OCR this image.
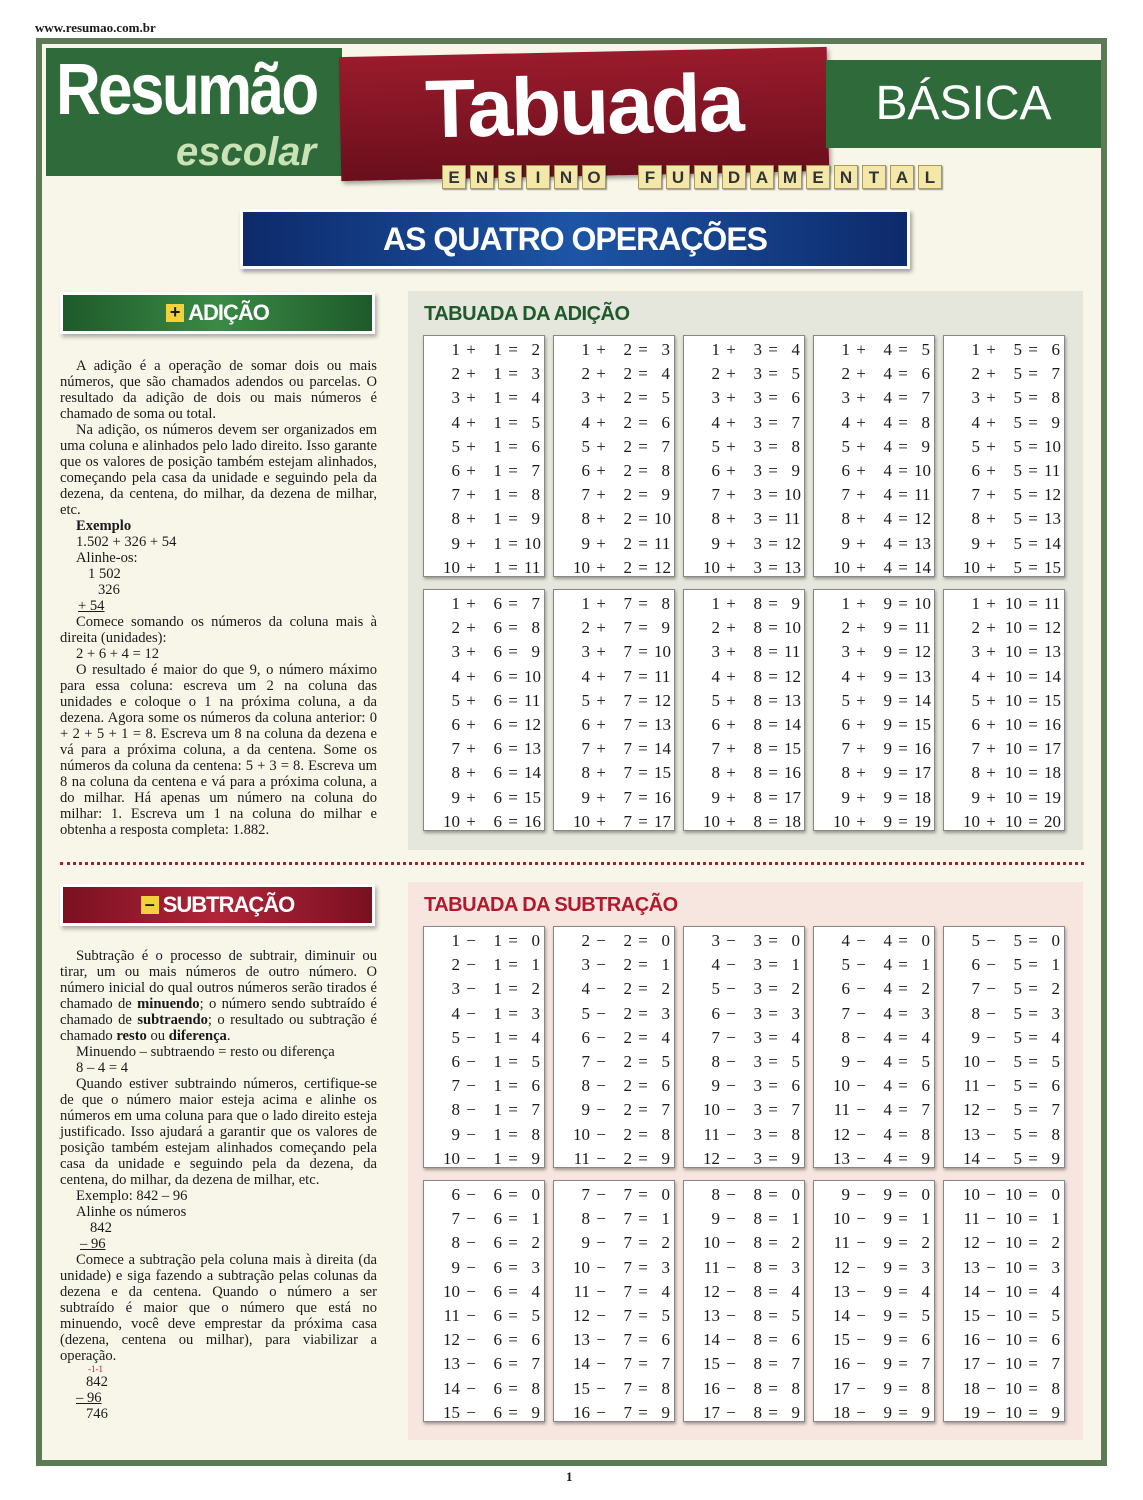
www.resumao.com.br
Resumão
escolar	Tabuada	BÁSICA
E N S	I	N O	F U N D A M E N T A L
AS QUATRO OPERAÇÕES
+ ADIÇÃO

A adição é a operação de somar dois ou mais números, que são chamados adendos ou parcelas. O resultado da adição de dois ou mais números é chamado de soma ou total.

Na adição, os números devem ser organizados em uma coluna e alinhados pelo lado direito. Isso garante que os valores de posição também estejam alinhados, começando pela casa da unidade e seguindo pela da dezena, da centena, do milhar, da dezena de milhar, etc.

Exemplo

1.502 + 326 + 54

Alinhe-os:

1 502

326

+ 54

Comece somando os números da coluna mais à direita (unidades):

2 + 6 + 4 = 12

O resultado é maior do que 9, o número máximo para essa coluna: escreva um 2 na coluna das unidades e coloque o 1 na próxima coluna, a da dezena. Agora some os números da coluna anterior: 0 + 2 + 5 + 1 = 8. Escreva um 8 na coluna da dezena e vá para a próxima coluna, a da centena. Some os números da coluna da centena: 5 + 3 = 8. Escreva um 8 na coluna da centena e vá para a próxima coluna, a do milhar. Há apenas um número na coluna do milhar: 1. Escreva um 1 na coluna do milhar e obtenha a resposta completa: 1.882.

TABUADA DA ADIÇÃO
1 +	1 = 2
2 +	1 = 3
3 +	1 = 4
4 +	1 = 5
5 +	1 = 6
6 +	1 = 7
7 +	1 = 8
8 +	1 = 9
9 +	1 = 10
10 +	1 = 11
1 +	2 = 3
2 +	2 = 4
3 +	2 = 5
4 +	2 = 6
5 +	2 = 7
6 +	2 = 8
7 +	2 = 9
8 +	2 = 10
9 +	2 = 11
10 +	2 = 12
1 +	3 = 4
2 +	3 = 5
3 +	3 = 6
4 +	3 = 7
5 +	3 = 8
6 +	3 = 9
7 +	3 = 10
8 +	3 = 11
9 +	3 = 12
10 +	3 = 13
1 +	4 = 5
2 +	4 = 6
3 +	4 = 7
4 +	4 = 8
5 +	4 = 9
6 +	4 = 10
7 +	4 = 11
8 +	4 = 12
9 +	4 = 13
10 +	4 = 14
1 +	5 = 6
2 +	5 = 7
3 +	5 = 8
4 +	5 = 9
5 +	5 = 10
6 +	5 = 11
7 +	5 = 12
8 +	5 = 13
9 +	5 = 14
10 +	5 = 15
1 +	6 = 7
2 +	6 = 8
3 +	6 = 9
4 +	6 = 10
5 +	6 = 11
6 +	6 = 12
7 +	6 = 13
8 +	6 = 14
9 +	6 = 15
10 +	6 = 16
1 +	7 = 8
2 +	7 = 9
3 +	7 = 10
4 +	7 = 11
5 +	7 = 12
6 +	7 = 13
7 +	7 = 14
8 +	7 = 15
9 +	7 = 16
10 +	7 = 17
1 +	8 = 9
2 +	8 = 10
3 +	8 = 11
4 +	8 = 12
5 +	8 = 13
6 +	8 = 14
7 +	8 = 15
8 +	8 = 16
9 +	8 = 17
10 +	8 = 18
1 +	9 = 10
2 +	9 = 11
3 +	9 = 12
4 +	9 = 13
5 +	9 = 14
6 +	9 = 15
7 +	9 = 16
8 +	9 = 17
9 +	9 = 18
10 +	9 = 19
1 + 10 = 11
2 + 10 = 12
3 + 10 = 13
4 + 10 = 14
5 + 10 = 15
6 + 10 = 16
7 + 10 = 17
8 + 10 = 18
9 + 10 = 19
10 + 10 = 20
– SUBTRAÇÃO

Subtração é o processo de subtrair, diminuir ou tirar, um ou mais números de outro número. O número inicial do qual outros números serão tirados é chamado de minuendo; o número sendo subtraído é chamado de subtraendo; o resultado ou subtração é chamado resto ou diferença.

Minuendo – subtraendo = resto ou diferença

8 – 4 = 4

Quando estiver subtraindo números, certifique-se de que o número maior esteja acima e alinhe os números em uma coluna para que o lado direito esteja justificado. Isso ajudará a garantir que os valores de posição também estejam alinhados começando pela casa da unidade e seguindo pela da dezena, da centena, do milhar, da dezena de milhar, etc.

Exemplo: 842 – 96

Alinhe os números

842

– 96

Comece a subtração pela coluna mais à direita (da unidade) e siga fazendo a subtração pelas colunas da dezena e da centena. Quando o número a ser subtraído é maior que o número que está no minuendo, você deve emprestar da próxima casa (dezena, centena ou milhar), para viabilizar a operação.

-1-1

842

– 96

746

TABUADA DA SUBTRAÇÃO
1 −	1 = 0
2 −	1 = 1
3 −	1 = 2
4 −	1 = 3
5 −	1 = 4
6 −	1 = 5
7 −	1 = 6
8 −	1 = 7
9 −	1 = 8
10 −	1 = 9
2 −	2 = 0
3 −	2 = 1
4 −	2 = 2
5 −	2 = 3
6 −	2 = 4
7 −	2 = 5
8 −	2 = 6
9 −	2 = 7
10 −	2 = 8
11 −	2 = 9
3 −	3 = 0
4 −	3 = 1
5 −	3 = 2
6 −	3 = 3
7 −	3 = 4
8 −	3 = 5
9 −	3 = 6
10 −	3 = 7
11 −	3 = 8
12 −	3 = 9
4 −	4 = 0
5 −	4 = 1
6 −	4 = 2
7 −	4 = 3
8 −	4 = 4
9 −	4 = 5
10 −	4 = 6
11 −	4 = 7
12 −	4 = 8
13 −	4 = 9
5 −	5 = 0
6 −	5 = 1
7 −	5 = 2
8 −	5 = 3
9 −	5 = 4
10 −	5 = 5
11 −	5 = 6
12 −	5 = 7
13 −	5 = 8
14 −	5 = 9
6 −	6 = 0
7 −	6 = 1
8 −	6 = 2
9 −	6 = 3
10 −	6 = 4
11 −	6 = 5
12 −	6 = 6
13 −	6 = 7
14 −	6 = 8
15 −	6 = 9
7 −	7 = 0
8 −	7 = 1
9 −	7 = 2
10 −	7 = 3
11 −	7 = 4
12 −	7 = 5
13 −	7 = 6
14 −	7 = 7
15 −	7 = 8
16 −	7 = 9
8 −	8 = 0
9 −	8 = 1
10 −	8 = 2
11 −	8 = 3
12 −	8 = 4
13 −	8 = 5
14 −	8 = 6
15 −	8 = 7
16 −	8 = 8
17 −	8 = 9
9 −	9 = 0
10 −	9 = 1
11 −	9 = 2
12 −	9 = 3
13 −	9 = 4
14 −	9 = 5
15 −	9 = 6
16 −	9 = 7
17 −	9 = 8
18 −	9 = 9
10 − 10 = 0
11 − 10 = 1
12 − 10 = 2
13 − 10 = 3
14 − 10 = 4
15 − 10 = 5
16 − 10 = 6
17 − 10 = 7
18 − 10 = 8
19 − 10 = 9
1
